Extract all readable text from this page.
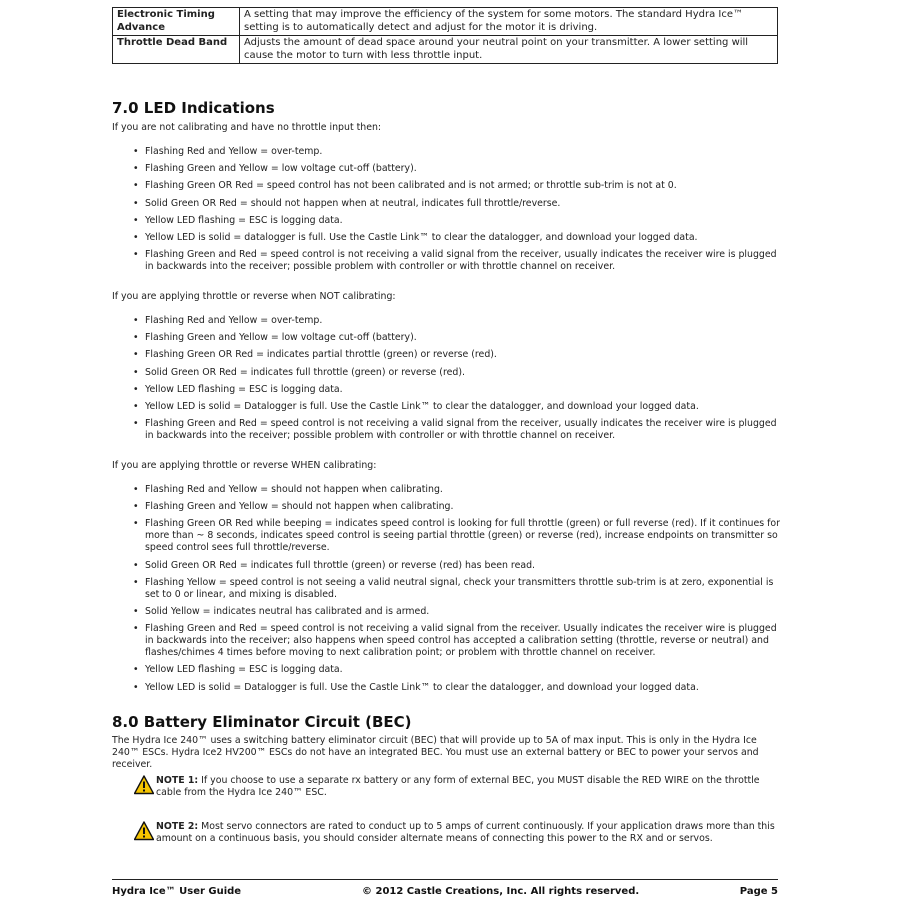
Electronic Timing Advance	A setting that may improve the efficiency of the system for some motors. The standard Hydra Ice™ setting is to automatically detect and adjust for the motor it is driving.
Throttle Dead Band	Adjusts the amount of dead space around your neutral point on your transmitter. A lower setting will cause the motor to turn with less throttle input.
7.0 LED Indications

If you are not calibrating and have no throttle input then:

• Flashing Red and Yellow = over-temp.
• Flashing Green and Yellow = low voltage cut-off (battery).
• Flashing Green OR Red = speed control has not been calibrated and is not armed; or throttle sub-trim is not at 0.
• Solid Green OR Red = should not happen when at neutral, indicates full throttle/reverse.
• Yellow LED flashing = ESC is logging data.
• Yellow LED is solid = datalogger is full. Use the Castle Link™ to clear the datalogger, and download your logged data.
• Flashing Green and Red = speed control is not receiving a valid signal from the receiver, usually indicates the receiver wire is plugged in backwards into the receiver; possible problem with controller or with throttle channel on receiver.

If you are applying throttle or reverse when NOT calibrating:

• Flashing Red and Yellow = over-temp.
• Flashing Green and Yellow = low voltage cut-off (battery).
• Flashing Green OR Red = indicates partial throttle (green) or reverse (red).
• Solid Green OR Red = indicates full throttle (green) or reverse (red).
• Yellow LED flashing = ESC is logging data.
• Yellow LED is solid = Datalogger is full. Use the Castle Link™ to clear the datalogger, and download your logged data.
• Flashing Green and Red = speed control is not receiving a valid signal from the receiver, usually indicates the receiver wire is plugged in backwards into the receiver; possible problem with controller or with throttle channel on receiver.

If you are applying throttle or reverse WHEN calibrating:

• Flashing Red and Yellow = should not happen when calibrating.
• Flashing Green and Yellow = should not happen when calibrating.
• Flashing Green OR Red while beeping = indicates speed control is looking for full throttle (green) or full reverse (red). If it continues for more than ~ 8 seconds, indicates speed control is seeing partial throttle (green) or reverse (red), increase endpoints on transmitter so speed control sees full throttle/reverse.
• Solid Green OR Red = indicates full throttle (green) or reverse (red) has been read.
• Flashing Yellow = speed control is not seeing a valid neutral signal, check your transmitters throttle sub-trim is at zero, exponential is set to 0 or linear, and mixing is disabled.
• Solid Yellow = indicates neutral has calibrated and is armed.
• Flashing Green and Red = speed control is not receiving a valid signal from the receiver. Usually indicates the receiver wire is plugged in backwards into the receiver; also happens when speed control has accepted a calibration setting (throttle, reverse or neutral) and flashes/chimes 4 times before moving to next calibration point; or problem with throttle channel on receiver.
• Yellow LED flashing = ESC is logging data.
• Yellow LED is solid = Datalogger is full. Use the Castle Link™ to clear the datalogger, and download your logged data.
8.0 Battery Eliminator Circuit (BEC)

The Hydra Ice 240™ uses a switching battery eliminator circuit (BEC) that will provide up to 5A of max input. This is only in the Hydra Ice 240™ ESCs. Hydra Ice2 HV200™ ESCs do not have an integrated BEC. You must use an external battery or BEC to power your servos and receiver.

NOTE 1: If you choose to use a separate rx battery or any form of external BEC, you MUST disable the RED WIRE on the throttle cable from the Hydra Ice 240™ ESC.
NOTE 2: Most servo connectors are rated to conduct up to 5 amps of current continuously. If your application draws more than this amount on a continuous basis, you should consider alternate means of connecting this power to the RX and or servos.
Hydra Ice™ User Guide	© 2012 Castle Creations, Inc. All rights reserved.	Page 5
